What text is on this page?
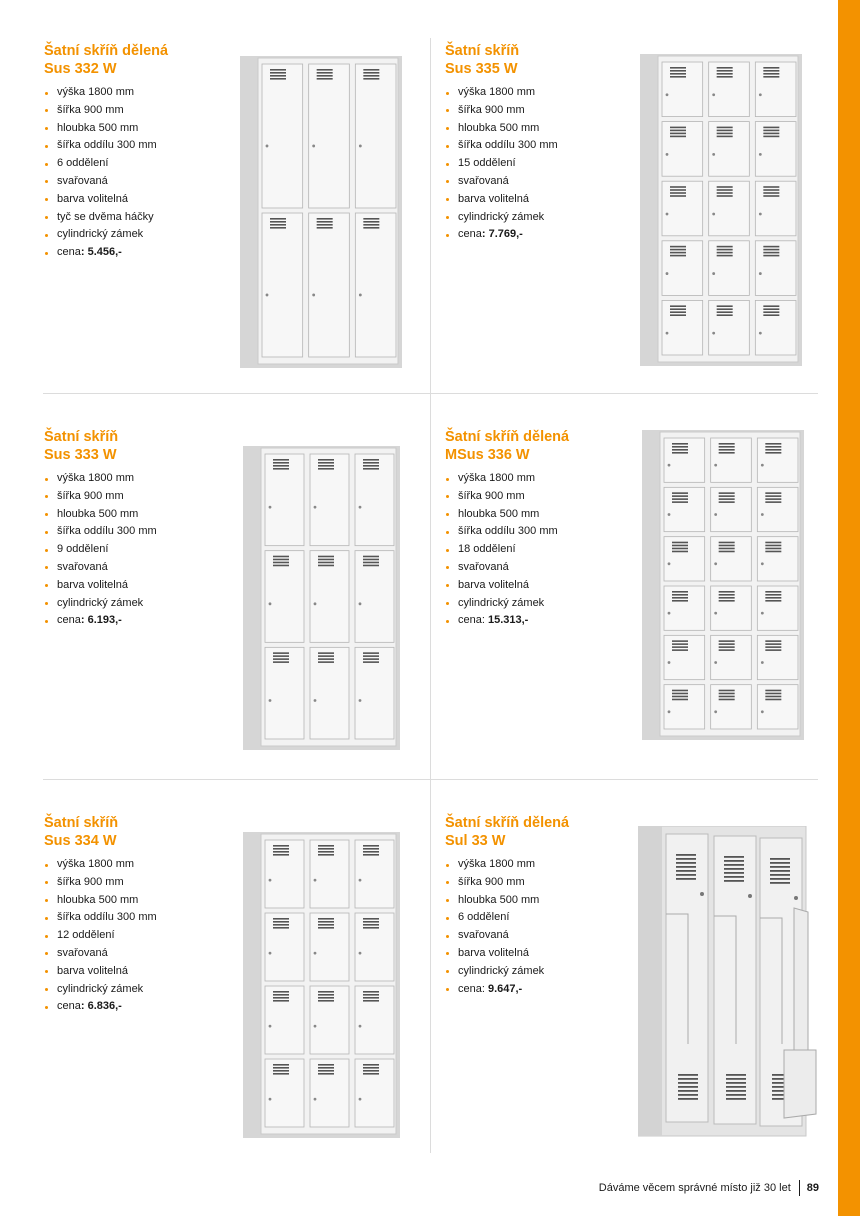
Šatní skříň dělená
Sus 332 W
výška 1800 mm
šířka 900 mm
hloubka 500 mm
šířka oddílu 300 mm
6 oddělení
svařovaná
barva volitelná
tyč se dvěma háčky
cylindrický zámek
cena: 5.456,-
Šatní skříň
Sus 335 W
výška 1800 mm
šířka 900 mm
hloubka 500 mm
šířka oddílu 300 mm
15 oddělení
svařovaná
barva volitelná
cylindrický zámek
cena: 7.769,-
Šatní skříň
Sus 333 W
výška 1800 mm
šířka 900 mm
hloubka 500 mm
šířka oddílu 300 mm
9 oddělení
svařovaná
barva volitelná
cylindrický zámek
cena: 6.193,-
Šatní skříň dělená
MSus 336 W
výška 1800 mm
šířka 900 mm
hloubka 500 mm
šířka oddílu 300 mm
18 oddělení
svařovaná
barva volitelná
cylindrický zámek
cena: 15.313,-
Šatní skříň
Sus 334 W
výška 1800 mm
šířka 900 mm
hloubka 500 mm
šířka oddílu 300 mm
12 oddělení
svařovaná
barva volitelná
cylindrický zámek
cena: 6.836,-
Šatní skříň dělená
Sul 33 W
výška 1800 mm
šířka 900 mm
hloubka 500 mm
6 oddělení
svařovaná
barva volitelná
cylindrický zámek
cena: 9.647,-
Dáváme věcem správné místo již 30 let 89
